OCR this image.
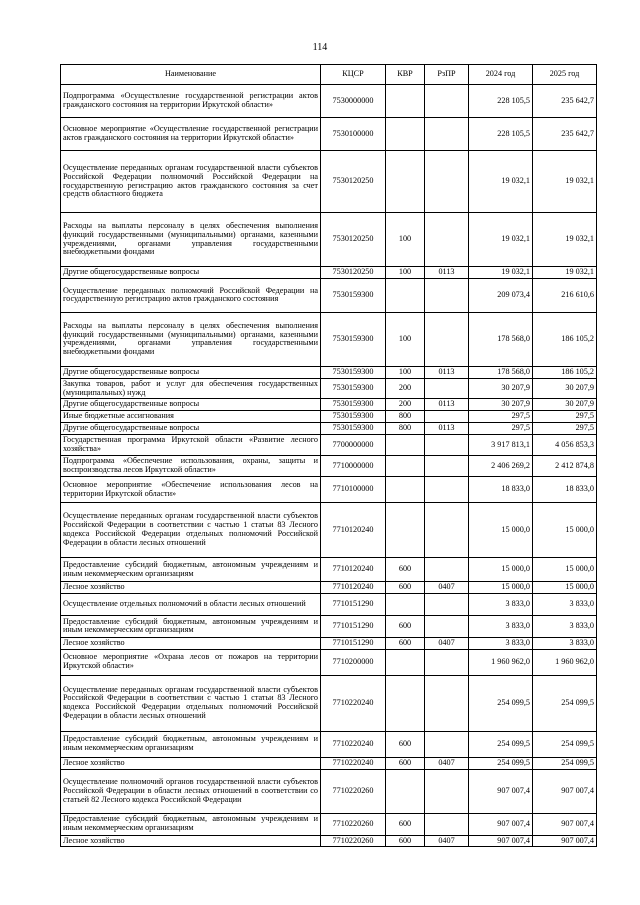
114
Наименование	КЦСР	КВР	РзПР	2024 год	2025 год
Подпрограмма «Осуществление государственной регистрации актов гражданского состояния на территории Иркутской области»	7530000000			228 105,5	235 642,7
Основное мероприятие «Осуществление государственной регистрации актов гражданского состояния на территории Иркутской области»	7530100000			228 105,5	235 642,7
Осуществление переданных органам государственной власти субъектов Российской Федерации полномочий Российской Федерации на государственную регистрацию актов гражданского состояния за счет средств областного бюджета	7530120250			19 032,1	19 032,1
Расходы на выплаты персоналу в целях обеспечения выполнения функций государственными (муниципальными) органами, казенными учреждениями, органами управления государственными внебюджетными фондами	7530120250	100		19 032,1	19 032,1
Другие общегосударственные вопросы	7530120250	100	0113	19 032,1	19 032,1
Осуществление переданных полномочий Российской Федерации на государственную регистрацию актов гражданского состояния	7530159300			209 073,4	216 610,6
Расходы на выплаты персоналу в целях обеспечения выполнения функций государственными (муниципальными) органами, казенными учреждениями, органами управления государственными внебюджетными фондами	7530159300	100		178 568,0	186 105,2
Другие общегосударственные вопросы	7530159300	100	0113	178 568,0	186 105,2
Закупка товаров, работ и услуг для обеспечения государственных (муниципальных) нужд	7530159300	200		30 207,9	30 207,9
Другие общегосударственные вопросы	7530159300	200	0113	30 207,9	30 207,9
Иные бюджетные ассигнования	7530159300	800		297,5	297,5
Другие общегосударственные вопросы	7530159300	800	0113	297,5	297,5
Государственная программа Иркутской области «Развитие лесного хозяйства»	7700000000			3 917 813,1	4 056 853,3
Подпрограмма «Обеспечение использования, охраны, защиты и воспроизводства лесов Иркутской области»	7710000000			2 406 269,2	2 412 874,8
Основное мероприятие «Обеспечение использования лесов на территории Иркутской области»	7710100000			18 833,0	18 833,0
Осуществление переданных органам государственной власти субъектов Российской Федерации в соответствии с частью 1 статьи 83 Лесного кодекса Российской Федерации отдельных полномочий Российской Федерации в области лесных отношений	7710120240			15 000,0	15 000,0
Предоставление субсидий бюджетным, автономным учреждениям и иным некоммерческим организациям	7710120240	600		15 000,0	15 000,0
Лесное хозяйство	7710120240	600	0407	15 000,0	15 000,0
Осуществление отдельных полномочий в области лесных отношений	7710151290			3 833,0	3 833,0
Предоставление субсидий бюджетным, автономным учреждениям и иным некоммерческим организациям	7710151290	600		3 833,0	3 833,0
Лесное хозяйство	7710151290	600	0407	3 833,0	3 833,0
Основное мероприятие «Охрана лесов от пожаров на территории Иркутской области»	7710200000			1 960 962,0	1 960 962,0
Осуществление переданных органам государственной власти субъектов Российской Федерации в соответствии с частью 1 статьи 83 Лесного кодекса Российской Федерации отдельных полномочий Российской Федерации в области лесных отношений	7710220240			254 099,5	254 099,5
Предоставление субсидий бюджетным, автономным учреждениям и иным некоммерческим организациям	7710220240	600		254 099,5	254 099,5
Лесное хозяйство	7710220240	600	0407	254 099,5	254 099,5
Осуществление полномочий органов государственной власти субъектов Российской Федерации в области лесных отношений в соответствии со статьей 82 Лесного кодекса Российской Федерации	7710220260			907 007,4	907 007,4
Предоставление субсидий бюджетным, автономным учреждениям и иным некоммерческим организациям	7710220260	600		907 007,4	907 007,4
Лесное хозяйство	7710220260	600	0407	907 007,4	907 007,4
